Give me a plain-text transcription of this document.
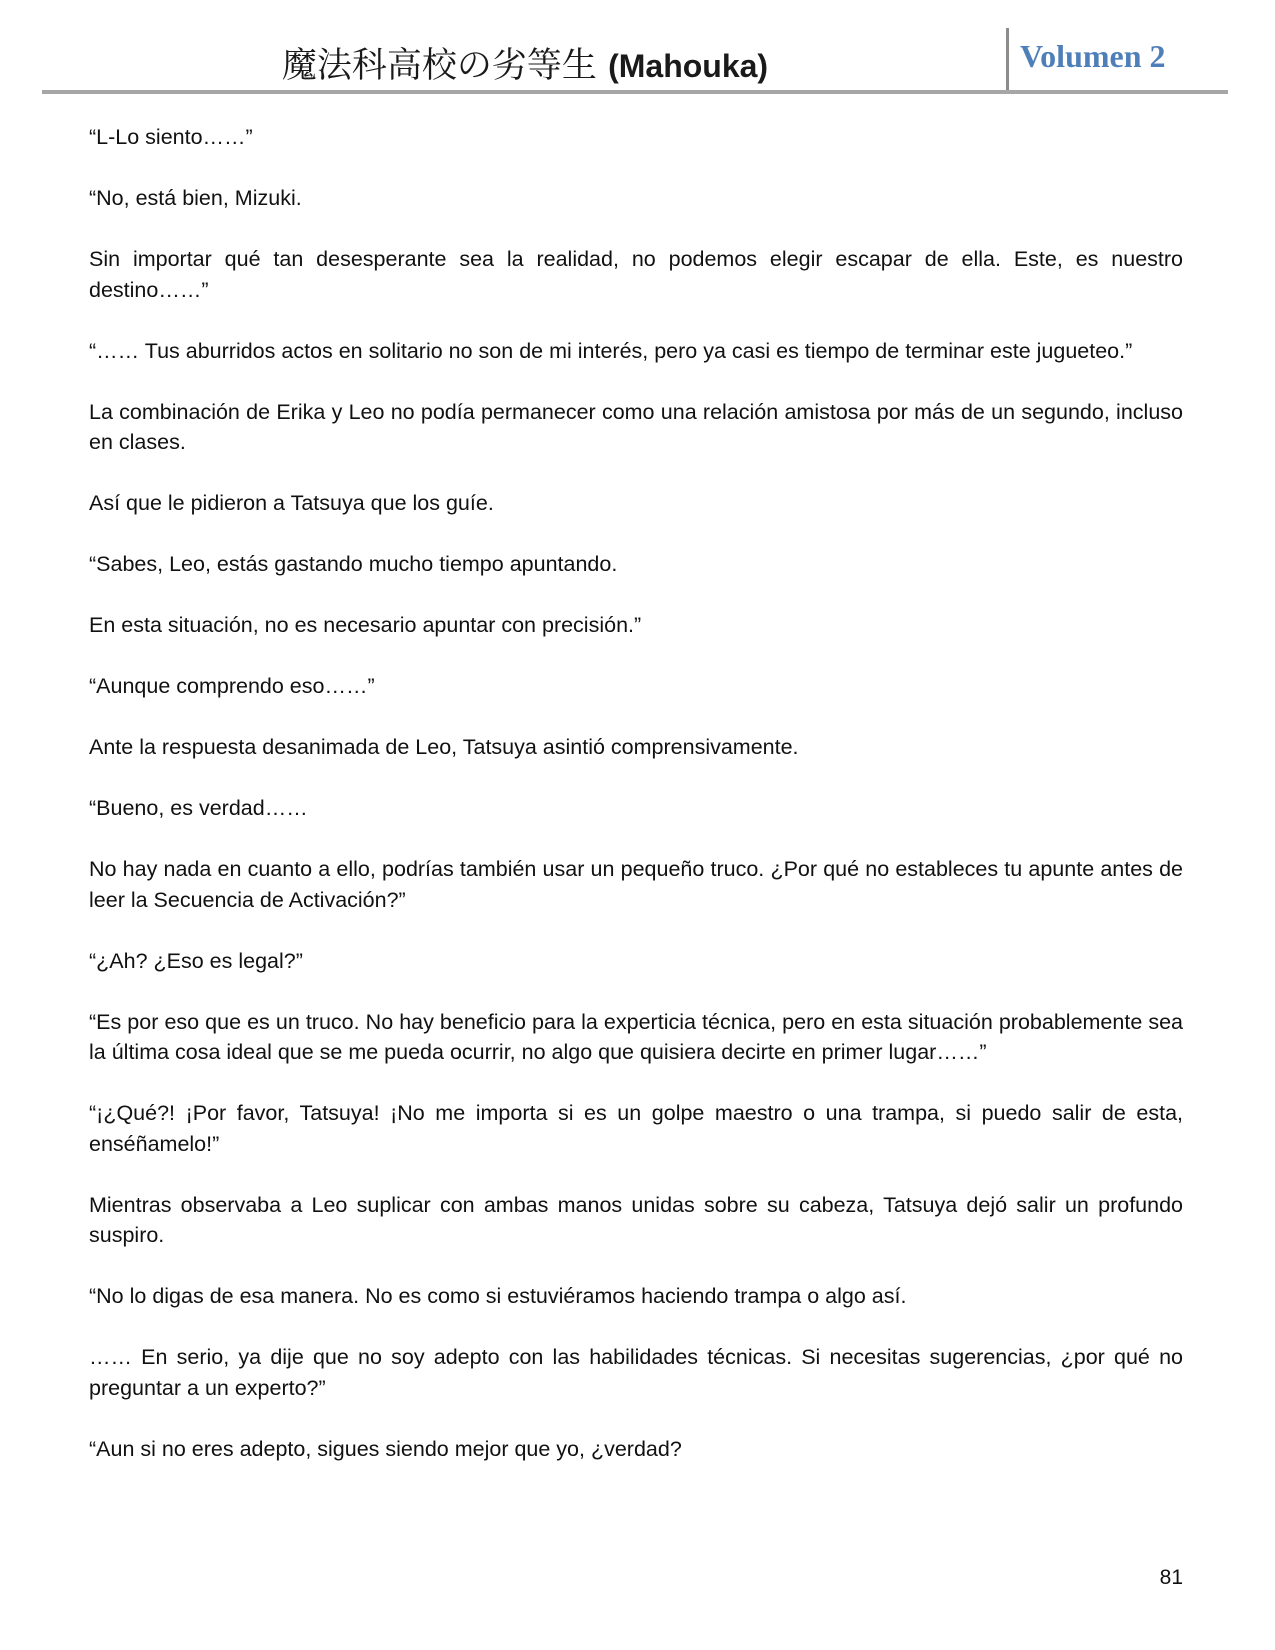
魔法科高校の劣等生 (Mahouka)	Volumen 2

“L-Lo siento……”

“No, está bien, Mizuki.

Sin importar qué tan desesperante sea la realidad, no podemos elegir escapar de ella. Este, es nuestro destino……”

“…… Tus aburridos actos en solitario no son de mi interés, pero ya casi es tiempo de terminar este jugueteo.”

La combinación de Erika y Leo no podía permanecer como una relación amistosa por más de un segundo, incluso en clases.

Así que le pidieron a Tatsuya que los guíe.

“Sabes, Leo, estás gastando mucho tiempo apuntando.

En esta situación, no es necesario apuntar con precisión.”

“Aunque comprendo eso……”

Ante la respuesta desanimada de Leo, Tatsuya asintió comprensivamente.

“Bueno, es verdad……

No hay nada en cuanto a ello, podrías también usar un pequeño truco. ¿Por qué no estableces tu apunte antes de leer la Secuencia de Activación?”

“¿Ah? ¿Eso es legal?”

“Es por eso que es un truco. No hay beneficio para la experticia técnica, pero en esta situación probablemente sea la última cosa ideal que se me pueda ocurrir, no algo que quisiera decirte en primer lugar……”

“¡¿Qué?! ¡Por favor, Tatsuya! ¡No me importa si es un golpe maestro o una trampa, si puedo salir de esta, enséñamelo!”

Mientras observaba a Leo suplicar con ambas manos unidas sobre su cabeza, Tatsuya dejó salir un profundo suspiro.

“No lo digas de esa manera. No es como si estuviéramos haciendo trampa o algo así.

…… En serio, ya dije que no soy adepto con las habilidades técnicas. Si necesitas sugerencias, ¿por qué no preguntar a un experto?”

“Aun si no eres adepto, sigues siendo mejor que yo, ¿verdad?

81
